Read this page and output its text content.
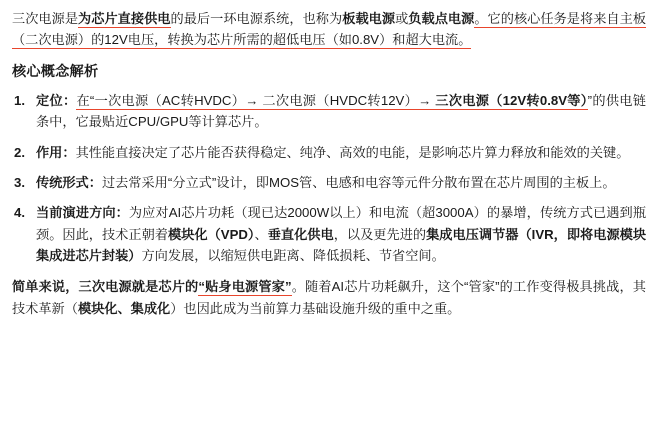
三次电源是为芯片直接供电的最后一环电源系统，也称为板载电源或负载点电源。它的核心任务是将来自主板（二次电源）的12V电压，转换为芯片所需的超低电压（如0.8V）和超大电流。

核心概念解析
定位：在“一次电源（AC转HVDC）→ 二次电源（HVDC转12V）→ 三次电源（12V转0.8V等）”的供电链条中，它最贴近CPU/GPU等计算芯片。
作用：其性能直接决定了芯片能否获得稳定、纯净、高效的电能，是影响芯片算力释放和能效的关键。
传统形式：过去常采用“分立式”设计，即MOS管、电感和电容等元件分散布置在芯片周围的主板上。
当前演进方向：为应对AI芯片功耗（现已达2000W以上）和电流（超3000A）的暴增，传统方式已遇到瓶颈。因此，技术正朝着模块化（VPD）、垂直化供电，以及更先进的集成电压调节器（IVR，即将电源模块集成进芯片封装）方向发展，以缩短供电距离、降低损耗、节省空间。

简单来说，三次电源就是芯片的“贴身电源管家”。随着AI芯片功耗飙升，这个“管家”的工作变得极具挑战，其技术革新（模块化、集成化）也因此成为当前算力基础设施升级的重中之重。
